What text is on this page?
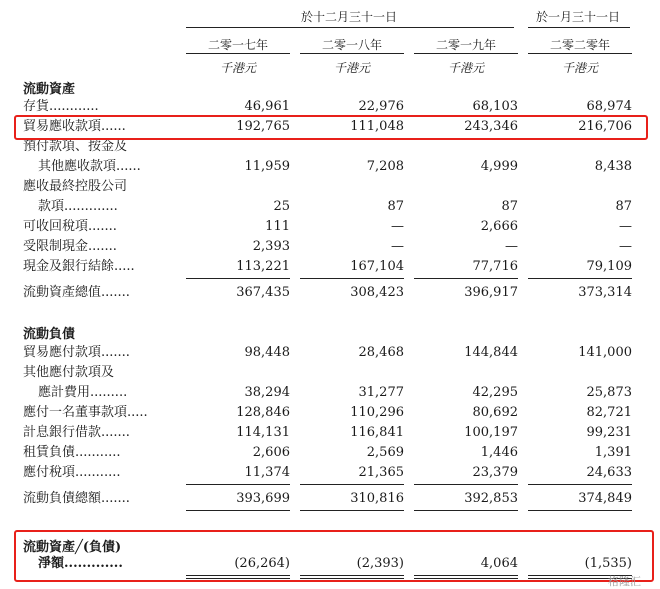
於十二月三十一日	於一月三十一日
二零一七年	二零一八年	二零一九年	二零二零年
千港元	千港元	千港元	千港元
流動資產
存貨............	46,961	22,976	68,103	68,974
貿易應收款項......	192,765	111,048	243,346	216,706
預付款項、按金及
其他應收款項......	11,959	7,208	4,999	8,438
應收最終控股公司
款項.............	25	87	87	87
可收回稅項.......	111	—	2,666	—
受限制現金.......	2,393	—	—	—
現金及銀行結餘.....	113,221	167,104	77,716	79,109
流動資產總值.......	367,435	308,423	396,917	373,314
流動負債
貿易應付款項.......	98,448	28,468	144,844	141,000
其他應付款項及
應計費用.........	38,294	31,277	42,295	25,873
應付一名董事款項.....	128,846	110,296	80,692	82,721
計息銀行借款.......	114,131	116,841	100,197	99,231
租賃負債...........	2,606	2,569	1,446	1,391
應付稅項...........	11,374	21,365	23,379	24,633
流動負債總額.......	393,699	310,816	392,853	374,849
流動資產╱(負債)
淨額.............	(26,264)	(2,393)	4,064	(1,535)
格隆汇
